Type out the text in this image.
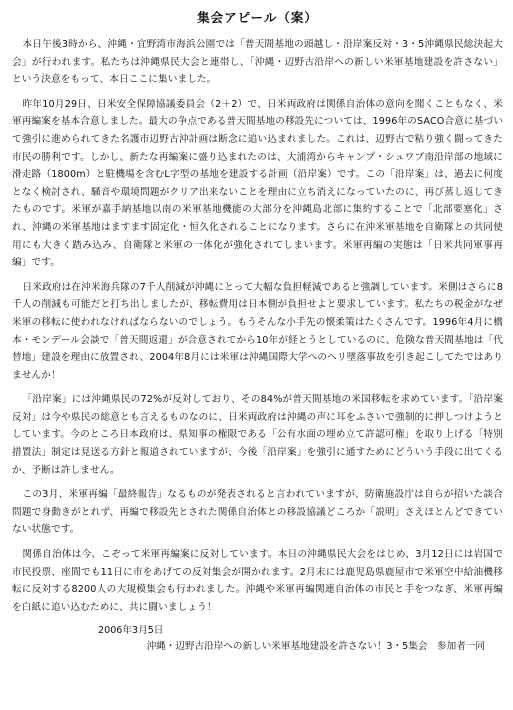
集会アピール（案）

本日午後3時から、沖縄・宜野湾市海浜公園では「普天間基地の頭越し・沿岸案反対・3・5沖縄県民総決起大会」が行われます。私たちは沖縄県民大会と連帯し、「沖縄・辺野古沿岸への新しい米軍基地建設を許さない」という決意をもって、本日ここに集いました。

昨年10月29日、日米安全保障協議委員会（2＋2）で、日米両政府は関係自治体の意向を聞くこともなく、米軍再編案を基本合意しました。最大の争点である普天間基地の移設先については、1996年のSACO合意に基づいて強引に進められてきた名護市辺野古沖計画は断念に追い込まれました。これは、辺野古で粘り強く闘ってきた市民の勝利です。しかし、新たな再編案に盛り込まれたのは、大浦湾からキャンプ・シュワブ南沿岸部の地域に滑走路（1800m）と駐機場を含むL字型の基地を建設する計画（沿岸案）です。この「沿岸案」は、過去に何度となく検討され、騒音や環境問題がクリア出来ないことを理由に立ち消えになっていたのに、再び蒸し返してきたものです。米軍が嘉手納基地以南の米軍基地機能の大部分を沖縄島北部に集約することで「北部要塞化」され、沖縄の米軍基地はますます固定化・恒久化されることになります。さらに在沖米軍基地を自衛隊との共同使用にも大きく踏み込み、自衛隊と米軍の一体化が強化されてしまいます。米軍再編の実態は「日米共同軍事再編」です。

日米政府は在沖米海兵隊の7千人削減が沖縄にとって大幅な負担軽減であると強調しています。米側はさらに8千人の削減も可能だと打ち出しましたが、移転費用は日本側が負担せよと要求しています。私たちの税金がなぜ米軍の移転に使われなければならないのでしょう。もうそんな小手先の懐柔策はたくさんです。1996年4月に橋本・モンデール会談で「普天間返還」が合意されてから10年が経とうとしているのに、危険な普天間基地は「代替地」建設を理由に放置され、2004年8月には米軍は沖縄国際大学へのヘリ墜落事故を引き起こしてたではありませんか！

「沿岸案」には沖縄県民の72%が反対しており、その84%が普天間基地の米国移転を求めています。「沿岸案反対」は今や県民の総意とも言えるものなのに、日米両政府は沖縄の声に耳をふさいで強制的に押しつけようとしています。今のところ日本政府は、県知事の権限である「公有水面の埋め立て許認可権」を取り上げる「特別措置法」制定は見送る方針と報道されていますが、今後「沿岸案」を強引に通すためにどういう手段に出てくるか、予断は許しません。

この3月、米軍再編「最終報告」なるものが発表されると言われていますが、防衛施設庁は自らが招いた談合問題で身動きがとれず、再編で移設先とされた関係自治体との移設協議どころか「説明」さえほとんどできていない状態です。

関係自治体は今、こぞって米軍再編案に反対しています。本日の沖縄県民大会をはじめ、3月12日には岩国で市民投票、座間でも11日に市をあげての反対集会が開かれます。2月末には鹿児島県鹿屋市で米軍空中給油機移転に反対する8200人の大規模集会も行われました。沖縄や米軍再編関連自治体の市民と手をつなぎ、米軍再編を白紙に追い込むために、共に闘いましょう！

2006年3月5日
沖縄・辺野古沿岸への新しい米軍基地建設を許さない！3・5集会　参加者一同
